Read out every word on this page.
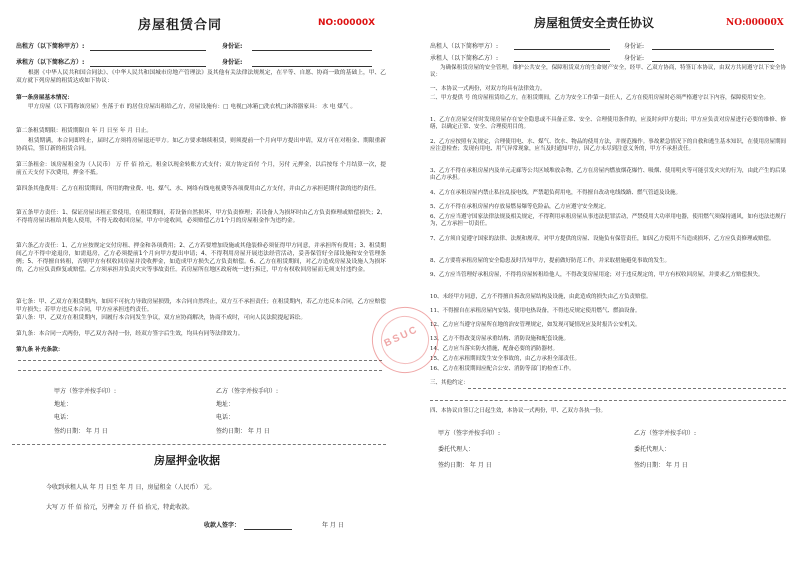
房屋租赁合同	NO:00000X
出租方（以下简称甲方）:	身份证:
承租方（以下简称乙方）:	身份证:
根据《中华人民共和国合同法》、《中华人民共和国城市房地产管理法》及其他有关法律法规规定，在平等、自愿、协商一致的基础上，甲、乙双方就下列房屋的租赁达成如下协议：
第一条房屋基本情况：
甲方房屋（以下简称该房屋）坐落于市 的居住房屋出租给乙方，房屋设施有：□ 电视□冰箱□洗衣机□沐浴器家具： 水 电 煤气 。
第二条租赁期限：租赁期限自 年 月 日至 年 月 日止。
租赁期满，本合同即终止，届时乙方须将房屋退还甲方。如乙方要求继续租赁，则须提前一个月向甲方提出申请，双方可在对租金、期限重新协商后，签订新的租赁合同。
第三条租金：该房屋租金为（人民币） 万 仟 佰 拾元，租金以现金转账方式支付；双方协定首付 个月，另付 元押金，以后按每 个月结算一次，提前五天支付下次费用，押金不抵。
第四条其他费用：乙方在租赁期间，所用的物业费、电、煤气、水、网络有线电视费等各项费用由乙方支付，并由乙方承担延期付款的违约责任。
第五条甲方责任：1、保证房屋出租正常使用，在租赁期间，若设备自然损坏，甲方负责修理；若设备人为损坏时由乙方负责修理或赔偿损失；2、不得将房屋出租给其他人使用，不得无故收回房屋，甲方中途收回，必须赔偿乙方1个月的房屋租金作为违约金。
第六条乙方责任：1、乙方应按规定交付房租、押金和各项费用；2、乙方若要增加设施或其他装修必须征得甲方同意，并承担所有费用；3、租赁期间乙方不得中途退房，如需退房，乙方必须提前1个月向甲方提出申请；4、不得利用房屋开展违法经营活动，妥善保管好全部设施和安全管理条例；5、不得擅自转租，否则甲方有权收回房屋并没收押金，如造成甲方损失乙方负责赔偿。6、乙方在租赁期间，对乙方造成房屋及设施人为损坏的，乙方应负责修复或赔偿。乙方须承担并负责火灾等事故责任。若房屋所在地区政府统一进行拆迁，甲方有权收回房屋而无须支付违约金。
第七条：甲、乙双方在租赁期内，如因不可抗力导致房屋损毁，本合同自然终止，双方互不承担责任；在租赁期内，若乙方违反本合同，乙方应赔偿甲方损失；若甲方违反本合同，甲方应承担违约责任。
第八条：甲、乙双方在租赁期内，因履行本合同发生争议，双方应协商解决，协商不成时，可向人民法院提起诉讼。
第九条：本合同一式两份，甲乙双方各持一份，经双方签字后生效，均具有同等法律效力。
第九条 补充条款：
甲方（签字并按手印）:	乙方（签字并按手印）:
地址：	地址：
电话：	电话：
签约日期： 年 月 日	签约日期： 年 月 日
房屋押金收据
今收到承租人从 年 月 日至 年 月 日，房屋租金（人民币） 元。
大写 万 仟 佰 拾元，另押金 万 仟 佰 拾元，特此收款。
收款人签字：	年 月 日
房屋租赁安全责任协议	NO:00000X
出租人（以下简称甲方）:	身份证:
承租人（以下简称乙方）:	身份证:
为确保租赁房屋的安全管理，维护公共安全，保障租赁双方的生命财产安全，经甲、乙双方协商，特签订本协议，由双方共同遵守以下安全协议：
一、本协议一式两份，对双方均具有法律效力。
二、甲方提供 号 的房屋租赁给乙方，在租赁期间，乙方为安全工作第一责任人，乙方在使用房屋时必须严格遵守以下内容，保障使用安全。
1、乙方在房屋交付时发现房屋存在安全隐患或不具备正常、安全、合理使用条件的，应及时向甲方提出；甲方应负责对房屋进行必要的维修、修缮，以确定正常、安全、合理使用目的。
2、乙方应按照有关规定，合理使用电、水、煤气、饮水、物品的使用方法，并规范操作。事故紧急情况下的自救和逃生基本知识，在使用房屋期间应注意检查；发现有用电、用气异常现象，应当及时通知甲方，因乙方未尽到注意义务的，甲方不承担责任。
3、乙方不得在承租房屋内及单元走廊等公共区域堆放杂物，乙方在房屋内燃放烟花爆竹、吸烟、使用明火等可能引发火灾的行为，由此产生的后果由乙方承担。
4、乙方在承租房屋内禁止私拉乱接电线，严禁超负荷用电，不得擅自改动电线线路、燃气管道及设施。
5、乙方不得在承租房屋内存放易燃易爆等危险品，乙方应遵守安全规定。
6、乙方应当遵守国家法律法规及相关规定，不得利用承租房屋从事违法犯罪活动，严禁使用大功率用电器，使用燃气须保持通风，如有违法违规行为，乙方承担一切责任。
7、乙方须自觉遵守国家的法律、法规和规章，对甲方提供的房屋、设施负有保管责任，如因乙方使用不当造成损坏，乙方应负责修理或赔偿。
8、乙方要将承租房屋的安全隐患及时告知甲方，提前做好防范工作，并采取措施避免事故的发生。
9、乙方应当管理好承租房屋，不得将房屋转租给他人，不得改变房屋用途；对于违反规定的，甲方有权收回房屋，并要求乙方赔偿损失。
10、未经甲方同意，乙方不得擅自拆改房屋结构及设施，由此造成的损失由乙方负责赔偿。
11、不得擅自在承租房屋内安装、使用电热设备，不得违反规定使用燃气、燃油设备。
12、乙方应当遵守房屋所在地的治安管理规定，如发现可疑情况应及时报告公安机关。
13、乙方不得改变房屋承重结构、消防设施和配套设施。
14、乙方应当落实防火措施，配备必要的消防器材。
15、乙方在承租期间发生安全事故的，由乙方承担全部责任。
16、乙方在租赁期间应配合公安、消防等部门的检查工作。
三、其他约定：
四、本协议自签订之日起生效，本协议一式两份，甲、乙双方各执一份。
甲方（签字并按手印）:	乙方（签字并按手印）:
委托代理人：	委托代理人：
签约日期： 年 月 日	签约日期： 年 月 日
BSUC
